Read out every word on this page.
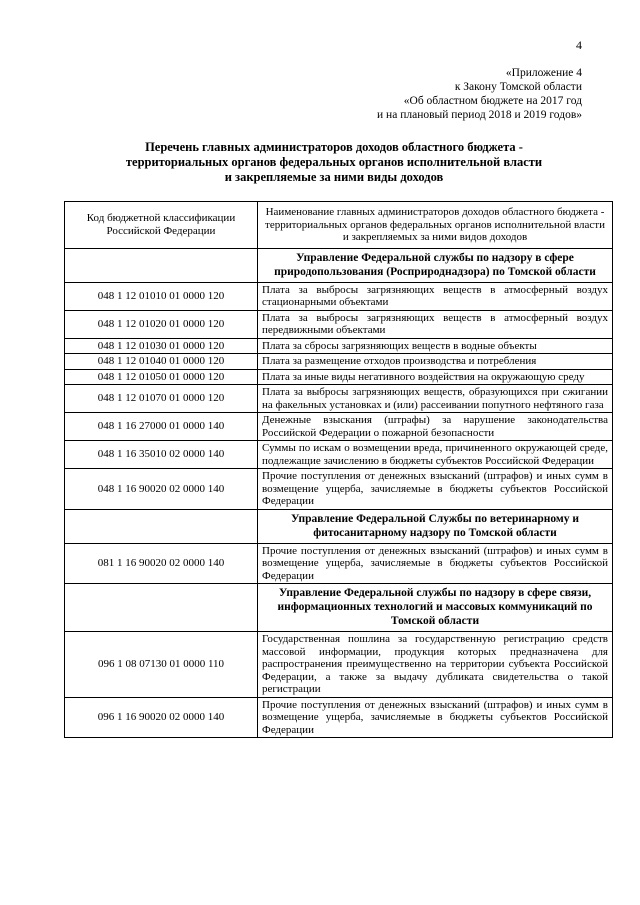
4
«Приложение 4
к Закону Томской области
«Об областном бюджете на 2017 год
и на плановый период 2018 и 2019 годов»
Перечень главных администраторов доходов областного бюджета -
территориальных органов федеральных органов исполнительной власти
и закрепляемые за ними виды доходов
Код бюджетной классификации Российской Федерации	Наименование главных администраторов доходов областного бюджета - территориальных органов федеральных органов исполнительной власти и закрепляемых за ними видов доходов
	Управление Федеральной службы по надзору в сфере природопользования (Росприроднадзора) по Томской области
048 1 12 01010 01 0000 120	Плата за выбросы загрязняющих веществ в атмосферный воздух стационарными объектами
048 1 12 01020 01 0000 120	Плата за выбросы загрязняющих веществ в атмосферный воздух передвижными объектами
048 1 12 01030 01 0000 120	Плата за сбросы загрязняющих веществ в водные объекты
048 1 12 01040 01 0000 120	Плата за размещение отходов производства и потребления
048 1 12 01050 01 0000 120	Плата за иные виды негативного воздействия на окружающую среду
048 1 12 01070 01 0000 120	Плата за выбросы загрязняющих веществ, образующихся при сжигании на факельных установках и (или) рассеивании попутного нефтяного газа
048 1 16 27000 01 0000 140	Денежные взыскания (штрафы) за нарушение законодательства Российской Федерации о пожарной безопасности
048 1 16 35010 02 0000 140	Суммы по искам о возмещении вреда, причиненного окружающей среде, подлежащие зачислению в бюджеты субъектов Российской Федерации
048 1 16 90020 02 0000 140	Прочие поступления от денежных взысканий (штрафов) и иных сумм в возмещение ущерба, зачисляемые в бюджеты субъектов Российской Федерации
	Управление Федеральной Службы по ветеринарному и фитосанитарному надзору по Томской области
081 1 16 90020 02 0000 140	Прочие поступления от денежных взысканий (штрафов) и иных сумм в возмещение ущерба, зачисляемые в бюджеты субъектов Российской Федерации
	Управление Федеральной службы по надзору в сфере связи, информационных технологий и массовых коммуникаций по Томской области
096 1 08 07130 01 0000 110	Государственная пошлина за государственную регистрацию средств массовой информации, продукция которых предназначена для распространения преимущественно на территории субъекта Российской Федерации, а также за выдачу дубликата свидетельства о такой регистрации
096 1 16 90020 02 0000 140	Прочие поступления от денежных взысканий (штрафов) и иных сумм в возмещение ущерба, зачисляемые в бюджеты субъектов Российской Федерации
